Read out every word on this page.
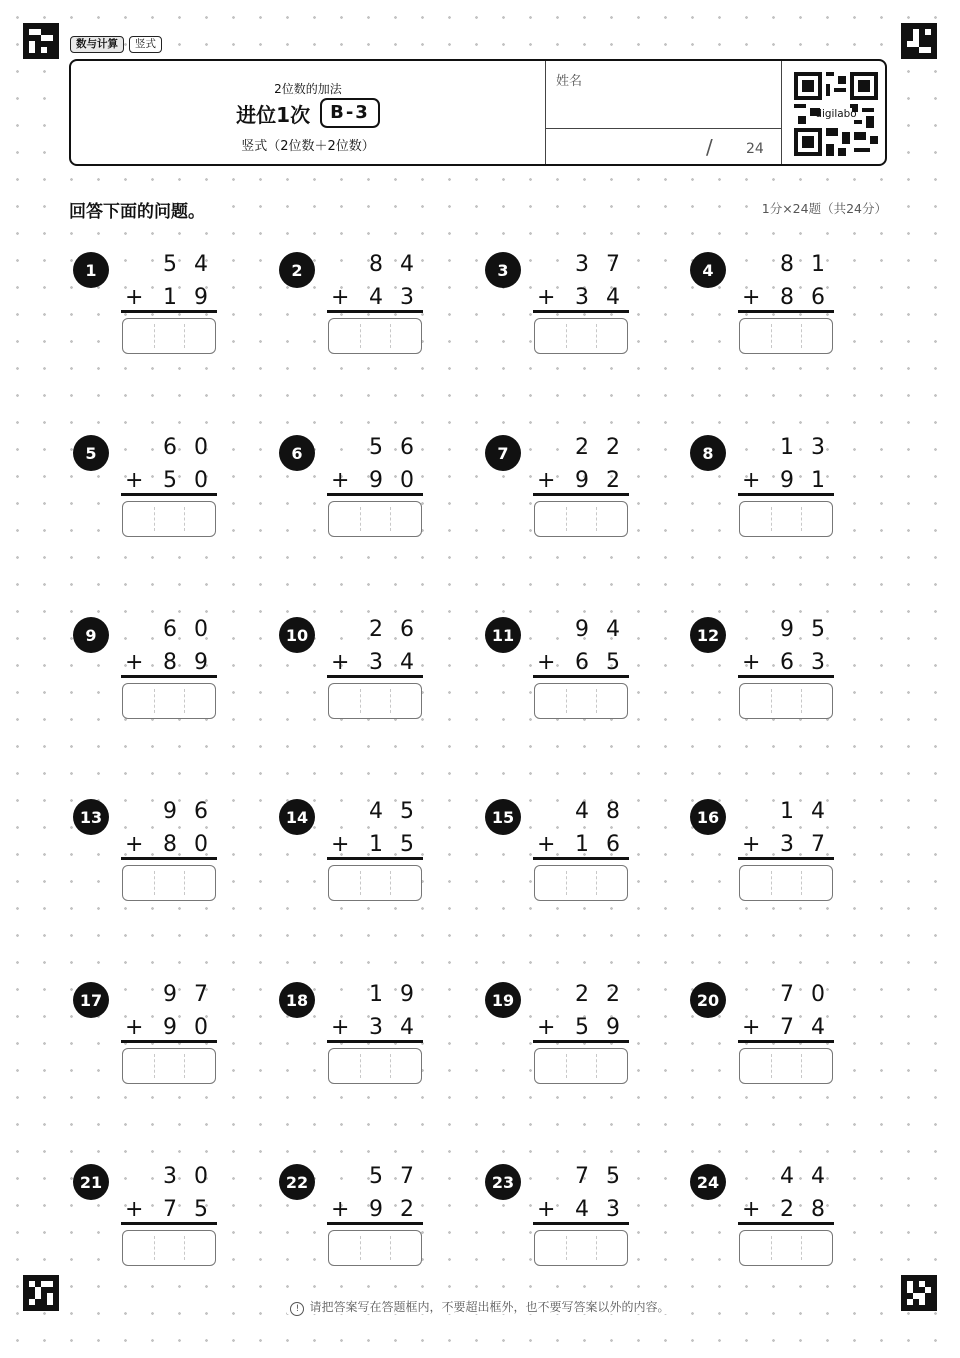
数与计算	竖式
2位数的加法
进位1次	B-3
竖式（2位数＋2位数）
姓名
/ 24
digilabo
回答下面的问题。	1分×24题（共24分）
1	5 4
+ 1 9
2	8 4
+ 4 3
3	3 7
+ 3 4
4	8 1
+ 8 6
5	6 0
+ 5 0
6	5 6
+ 9 0
7	2 2
+ 9 2
8	1 3
+ 9 1
9	6 0
+ 8 9
10	2 6
+ 3 4
11	9 4
+ 6 5
12	9 5
+ 6 3
13	9 6
+ 8 0
14	4 5
+ 1 5
15	4 8
+ 1 6
16	1 4
+ 3 7
17	9 7
+ 9 0
18	1 9
+ 3 4
19	2 2
+ 5 9
20	7 0
+ 7 4
21	3 0
+ 7 5
22	5 7
+ 9 2
23	7 5
+ 4 3
24	4 4
+ 2 8
! 请把答案写在答题框内，不要超出框外，也不要写答案以外的内容。
